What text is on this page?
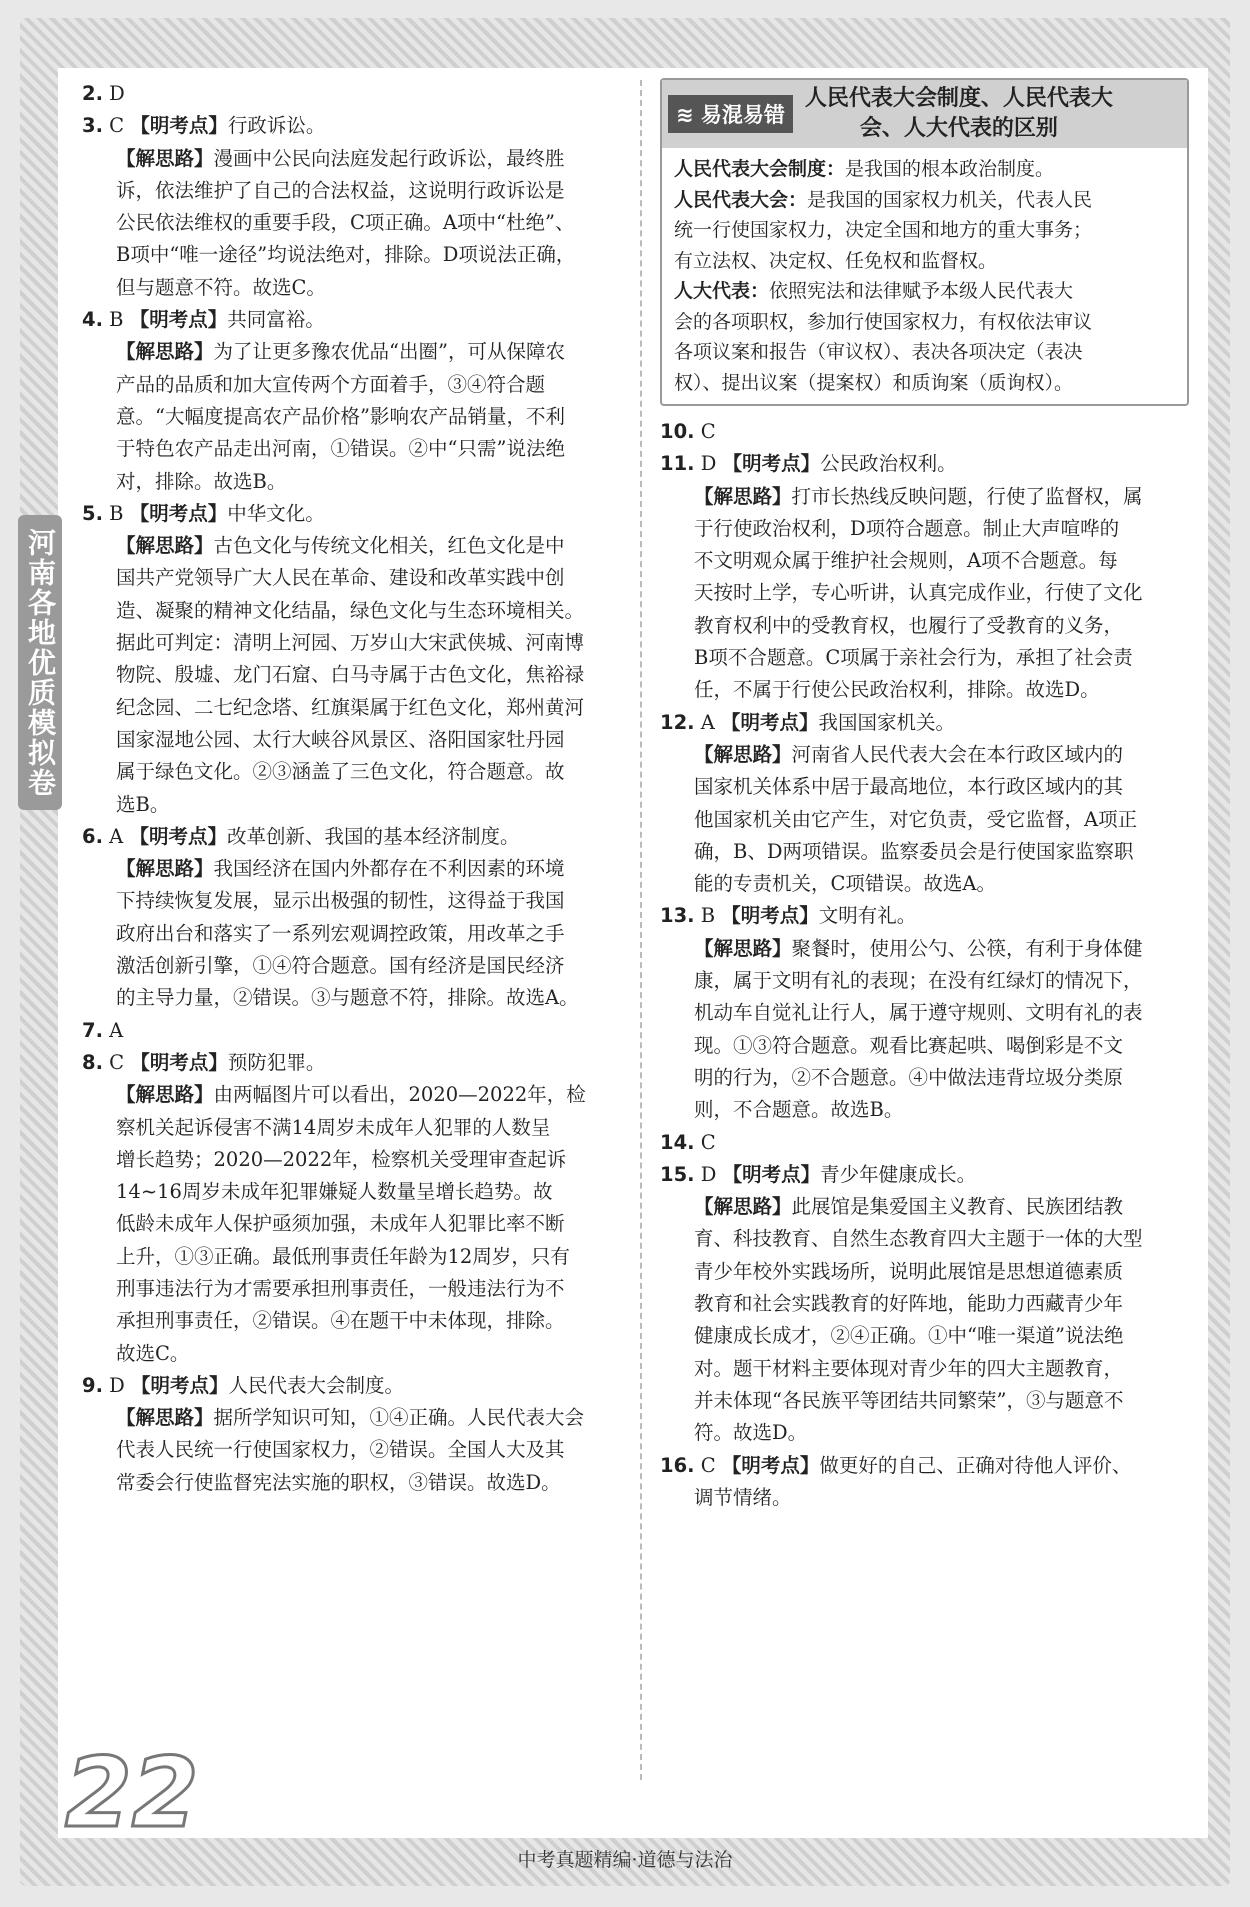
河南各地优质模拟卷
2. D
3. C 【明考点】行政诉讼。
【解思路】漫画中公民向法庭发起行政诉讼，最终胜
诉，依法维护了自己的合法权益，这说明行政诉讼是
公民依法维权的重要手段，C项正确。A项中“杜绝”、
B项中“唯一途径”均说法绝对，排除。D项说法正确，
但与题意不符。故选C。
4. B 【明考点】共同富裕。
【解思路】为了让更多豫农优品“出圈”，可从保障农
产品的品质和加大宣传两个方面着手，③④符合题
意。“大幅度提高农产品价格”影响农产品销量，不利
于特色农产品走出河南，①错误。②中“只需”说法绝
对，排除。故选B。
5. B 【明考点】中华文化。
【解思路】古色文化与传统文化相关，红色文化是中
国共产党领导广大人民在革命、建设和改革实践中创
造、凝聚的精神文化结晶，绿色文化与生态环境相关。
据此可判定：清明上河园、万岁山大宋武侠城、河南博
物院、殷墟、龙门石窟、白马寺属于古色文化，焦裕禄
纪念园、二七纪念塔、红旗渠属于红色文化，郑州黄河
国家湿地公园、太行大峡谷风景区、洛阳国家牡丹园
属于绿色文化。②③涵盖了三色文化，符合题意。故
选B。
6. A 【明考点】改革创新、我国的基本经济制度。
【解思路】我国经济在国内外都存在不利因素的环境
下持续恢复发展，显示出极强的韧性，这得益于我国
政府出台和落实了一系列宏观调控政策，用改革之手
激活创新引擎，①④符合题意。国有经济是国民经济
的主导力量，②错误。③与题意不符，排除。故选A。
7. A
8. C 【明考点】预防犯罪。
【解思路】由两幅图片可以看出，2020—2022年，检
察机关起诉侵害不满14周岁未成年人犯罪的人数呈
增长趋势；2020—2022年，检察机关受理审查起诉
14~16周岁未成年犯罪嫌疑人数量呈增长趋势。故
低龄未成年人保护亟须加强，未成年人犯罪比率不断
上升，①③正确。最低刑事责任年龄为12周岁，只有
刑事违法行为才需要承担刑事责任，一般违法行为不
承担刑事责任，②错误。④在题干中未体现，排除。
故选C。
9. D 【明考点】人民代表大会制度。
【解思路】据所学知识可知，①④正确。人民代表大会
代表人民统一行使国家权力，②错误。全国人大及其
常委会行使监督宪法实施的职权，③错误。故选D。
≋ 易混易错
人民代表大会制度、人民代表大
会、人大代表的区别
人民代表大会制度：是我国的根本政治制度。
人民代表大会：是我国的国家权力机关，代表人民
统一行使国家权力，决定全国和地方的重大事务；
有立法权、决定权、任免权和监督权。
人大代表：依照宪法和法律赋予本级人民代表大
会的各项职权，参加行使国家权力，有权依法审议
各项议案和报告（审议权）、表决各项决定（表决
权）、提出议案（提案权）和质询案（质询权）。
10. C
11. D 【明考点】公民政治权利。
【解思路】打市长热线反映问题，行使了监督权，属
于行使政治权利，D项符合题意。制止大声喧哗的
不文明观众属于维护社会规则，A项不合题意。每
天按时上学，专心听讲，认真完成作业，行使了文化
教育权利中的受教育权，也履行了受教育的义务，
B项不合题意。C项属于亲社会行为，承担了社会责
任，不属于行使公民政治权利，排除。故选D。
12. A 【明考点】我国国家机关。
【解思路】河南省人民代表大会在本行政区域内的
国家机关体系中居于最高地位，本行政区域内的其
他国家机关由它产生，对它负责，受它监督，A项正
确，B、D两项错误。监察委员会是行使国家监察职
能的专责机关，C项错误。故选A。
13. B 【明考点】文明有礼。
【解思路】聚餐时，使用公勺、公筷，有利于身体健
康，属于文明有礼的表现；在没有红绿灯的情况下，
机动车自觉礼让行人，属于遵守规则、文明有礼的表
现。①③符合题意。观看比赛起哄、喝倒彩是不文
明的行为，②不合题意。④中做法违背垃圾分类原
则，不合题意。故选B。
14. C
15. D 【明考点】青少年健康成长。
【解思路】此展馆是集爱国主义教育、民族团结教
育、科技教育、自然生态教育四大主题于一体的大型
青少年校外实践场所，说明此展馆是思想道德素质
教育和社会实践教育的好阵地，能助力西藏青少年
健康成长成才，②④正确。①中“唯一渠道”说法绝
对。题干材料主要体现对青少年的四大主题教育，
并未体现“各民族平等团结共同繁荣”，③与题意不
符。故选D。
16. C 【明考点】做更好的自己、正确对待他人评价、
调节情绪。
22
中考真题精编·道德与法治
